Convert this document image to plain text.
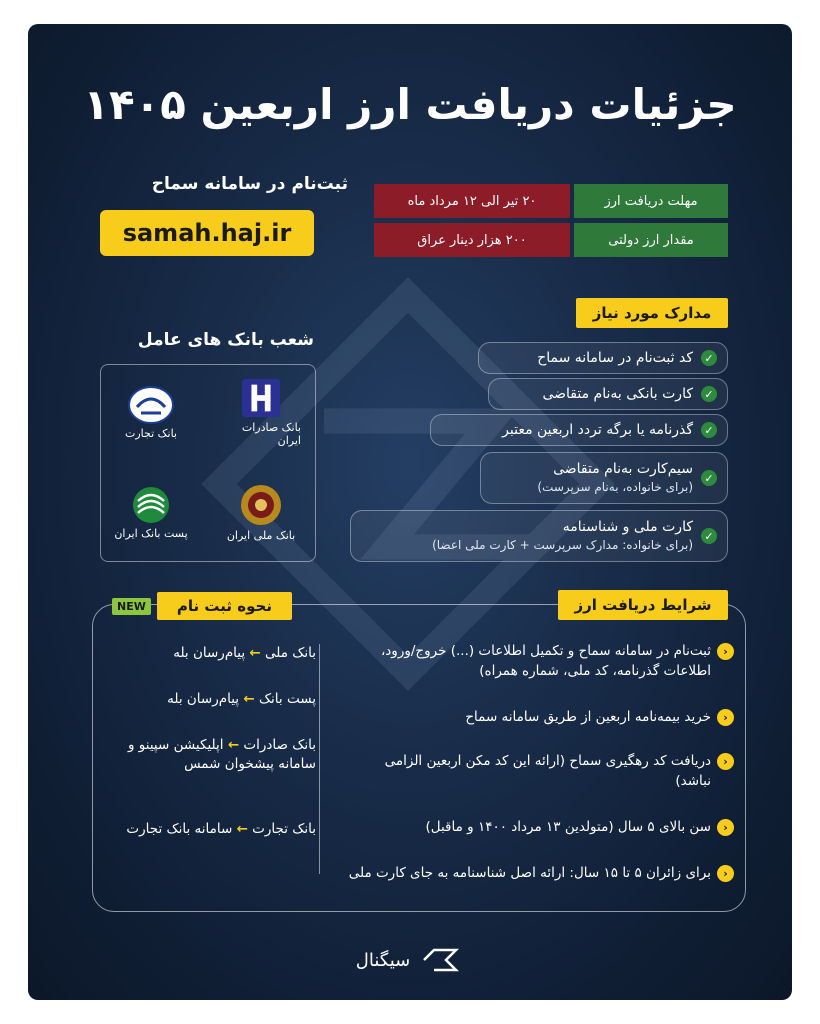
جزئیات دریافت ارز اربعین ۱۴۰۵
ثبت‌نام در سامانه سماح
samah.haj.ir
مهلت دریافت ارز
۲۰ تیر الی ۱۲ مرداد ماه
مقدار ارز دولتی
۲۰۰ هزار دینار عراق
مدارک مورد نیاز
✓
کد ثبت‌نام در سامانه سماح
✓
کارت بانکی به‌نام متقاضی
✓
گذرنامه یا برگه تردد اربعین معتبر
✓
سیم‌کارت به‌نام متقاضی
(برای خانواده، به‌نام سرپرست)
✓
کارت ملی و شناسنامه
(برای خانواده: مدارک سرپرست + کارت ملی اعضا)
شعب بانک های عامل
بانک تجارت	بانک صادرات ایران
پست بانک ایران	بانک ملی ایران
شرایط دریافت ارز
NEW	نحوه ثبت نام
‹
ثبت‌نام در سامانه سماح و تکمیل اطلاعات (...) خروج/ورود، اطلاعات گذرنامه، کد ملی، شماره همراه)
‹
خرید بیمه‌نامه اربعین از طریق سامانه سماح
‹
دریافت کد رهگیری سماح (ارائه این کد مکن اربعین الزامی نباشد)
‹
سن بالای ۵ سال (متولدین ۱۳ مرداد ۱۴۰۰ و ماقبل)
‹
برای زائران ۵ تا ۱۵ سال: ارائه اصل شناسنامه به جای کارت ملی
بانک ملی ← پیام‌رسان بله
پست بانک ← پیام‌رسان بله
بانک صادرات ← اپلیکیشن سپینو و سامانه پیشخوان شمس
بانک تجارت ← سامانه بانک تجارت
سیگنال
